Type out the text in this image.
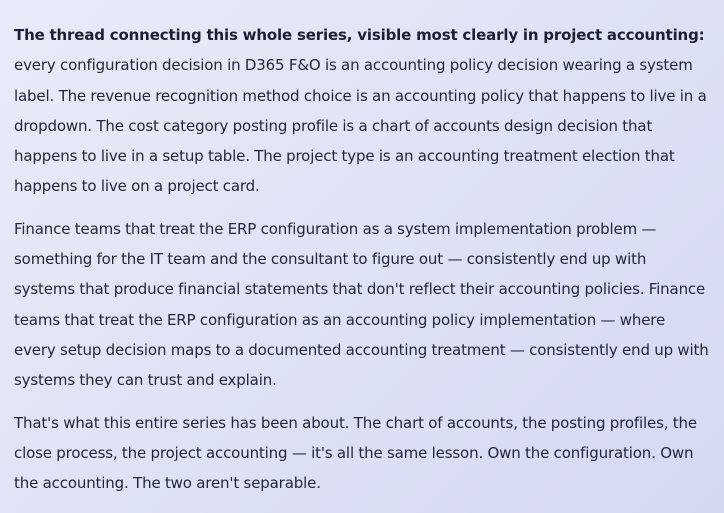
The thread connecting this whole series, visible most clearly in project accounting: every configuration decision in D365 F&O is an accounting policy decision wearing a system label. The revenue recognition method choice is an accounting policy that happens to live in a dropdown. The cost category posting profile is a chart of accounts design decision that happens to live in a setup table. The project type is an accounting treatment election that happens to live on a project card.

Finance teams that treat the ERP configuration as a system implementation problem — something for the IT team and the consultant to figure out — consistently end up with systems that produce financial statements that don't reflect their accounting policies. Finance teams that treat the ERP configuration as an accounting policy implementation — where every setup decision maps to a documented accounting treatment — consistently end up with systems they can trust and explain.

That's what this entire series has been about. The chart of accounts, the posting profiles, the close process, the project accounting — it's all the same lesson. Own the configuration. Own the accounting. The two aren't separable.
